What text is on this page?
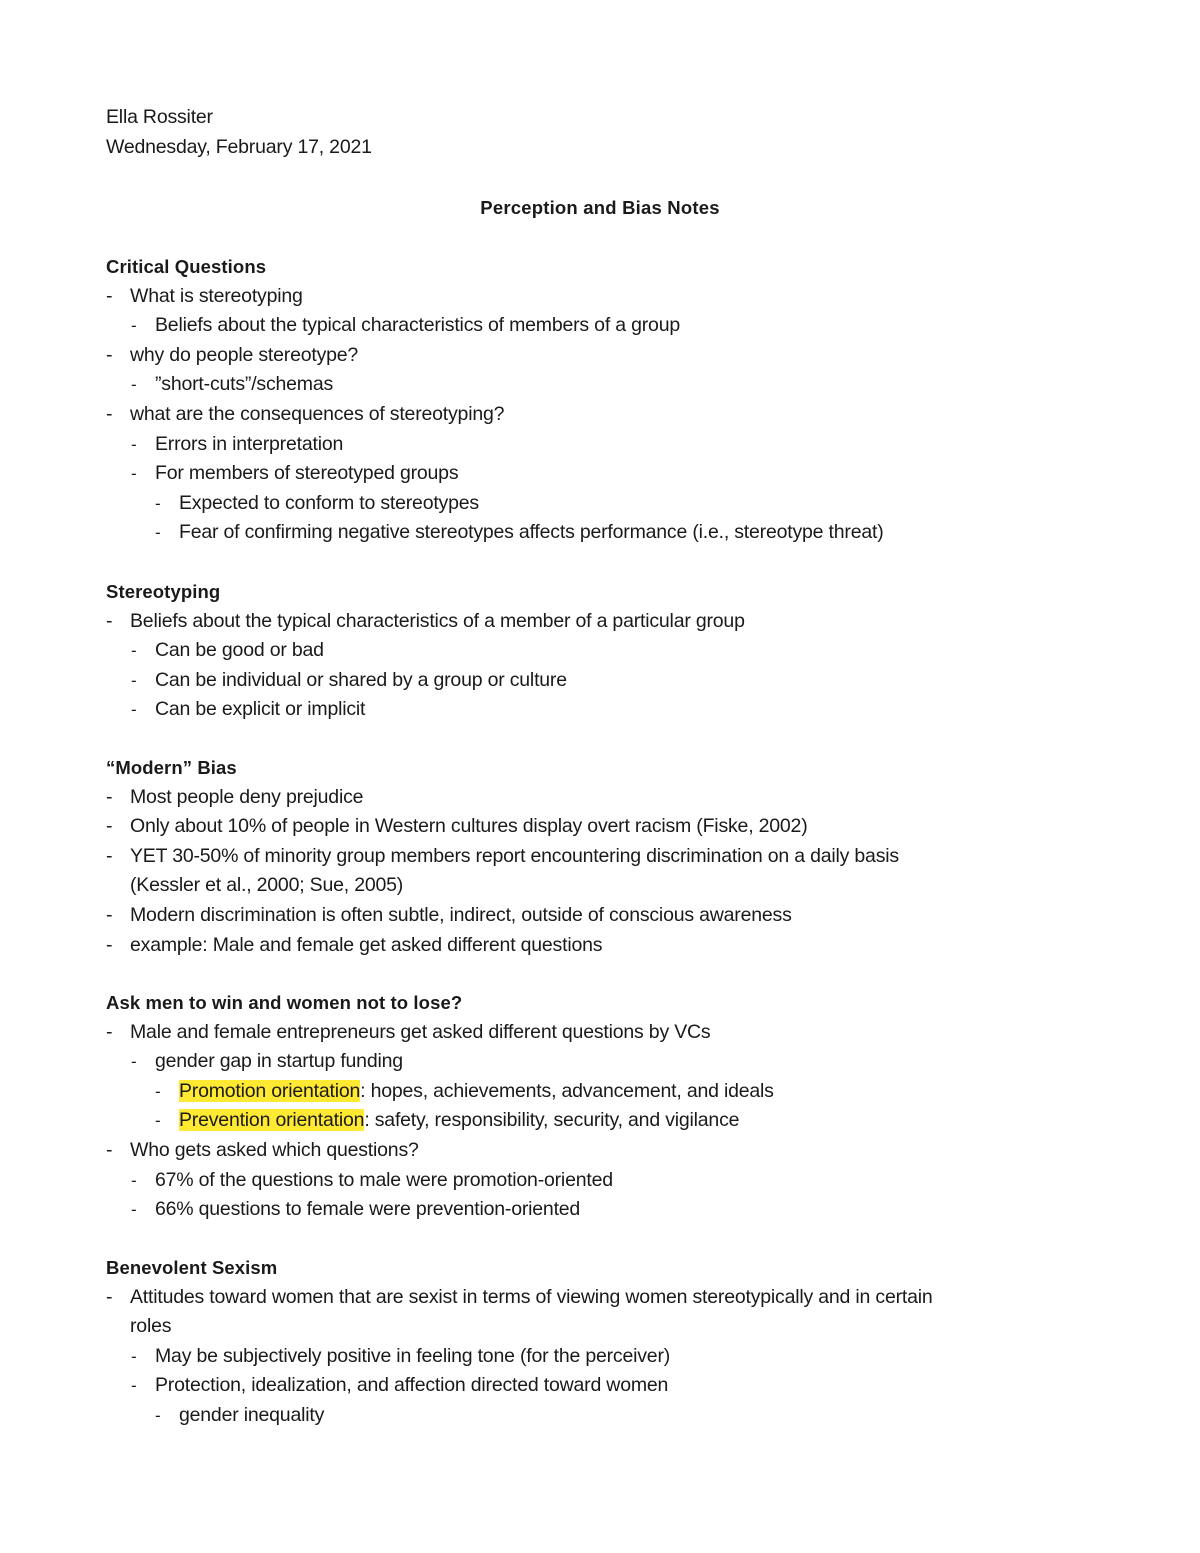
Ella Rossiter
Wednesday, February 17, 2021
Perception and Bias Notes
Critical Questions
- What is stereotyping
- Beliefs about the typical characteristics of members of a group
- why do people stereotype?
- ”short-cuts”/schemas
- what are the consequences of stereotyping?
- Errors in interpretation
- For members of stereotyped groups
- Expected to conform to stereotypes
- Fear of confirming negative stereotypes affects performance (i.e., stereotype threat)
Stereotyping
- Beliefs about the typical characteristics of a member of a particular group
- Can be good or bad
- Can be individual or shared by a group or culture
- Can be explicit or implicit
“Modern” Bias
- Most people deny prejudice
- Only about 10% of people in Western cultures display overt racism (Fiske, 2002)
- YET 30-50% of minority group members report encountering discrimination on a daily basis
(Kessler et al., 2000; Sue, 2005)
- Modern discrimination is often subtle, indirect, outside of conscious awareness
- example: Male and female get asked different questions
Ask men to win and women not to lose?
- Male and female entrepreneurs get asked different questions by VCs
- gender gap in startup funding
- Promotion orientation: hopes, achievements, advancement, and ideals
- Prevention orientation: safety, responsibility, security, and vigilance
- Who gets asked which questions?
- 67% of the questions to male were promotion-oriented
- 66% questions to female were prevention-oriented
Benevolent Sexism
- Attitudes toward women that are sexist in terms of viewing women stereotypically and in certain
roles
- May be subjectively positive in feeling tone (for the perceiver)
- Protection, idealization, and affection directed toward women
- gender inequality
